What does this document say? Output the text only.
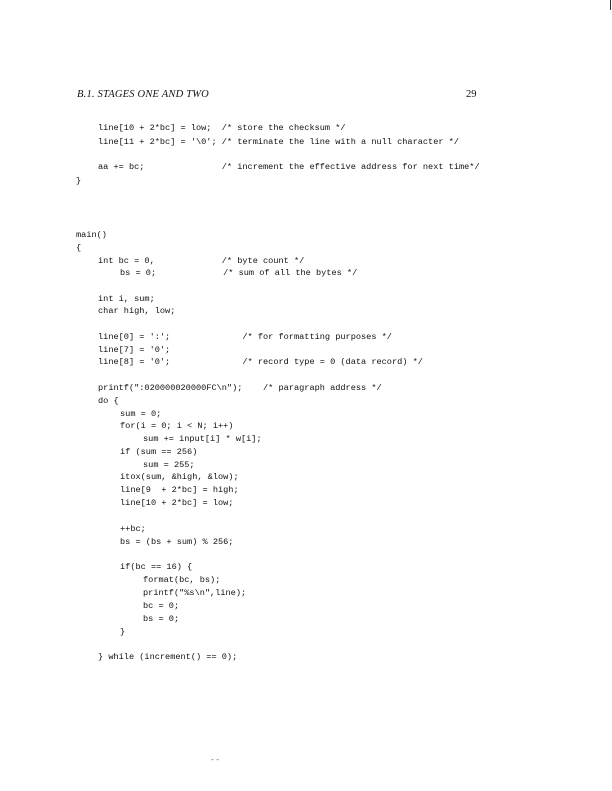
B.1. STAGES ONE AND TWO	29
line[10 + 2*bc] = low;  /* store the checksum */
line[11 + 2*bc] = '\0'; /* terminate the line with a null character */
aa += bc;               /* increment the effective address for next time*/
}
main()
{
int bc = 0,             /* byte count */
bs = 0;             /* sum of all the bytes */
int i, sum;
char high, low;
line[0] = ':';              /* for formatting purposes */
line[7] = '0';
line[8] = '0';              /* record type = 0 (data record) */
printf(":020000020000FC\n");    /* paragraph address */
do {
sum = 0;
for(i = 0; i < N; i++)
sum += input[i] * w[i];
if (sum == 256)
sum = 255;
itox(sum, &high, &low);
line[9  + 2*bc] = high;
line[10 + 2*bc] = low;
++bc;
bs = (bs + sum) % 256;
if(bc == 16) {
format(bc, bs);
printf("%s\n",line);
bc = 0;
bs = 0;
}
} while (increment() == 0);
- -
